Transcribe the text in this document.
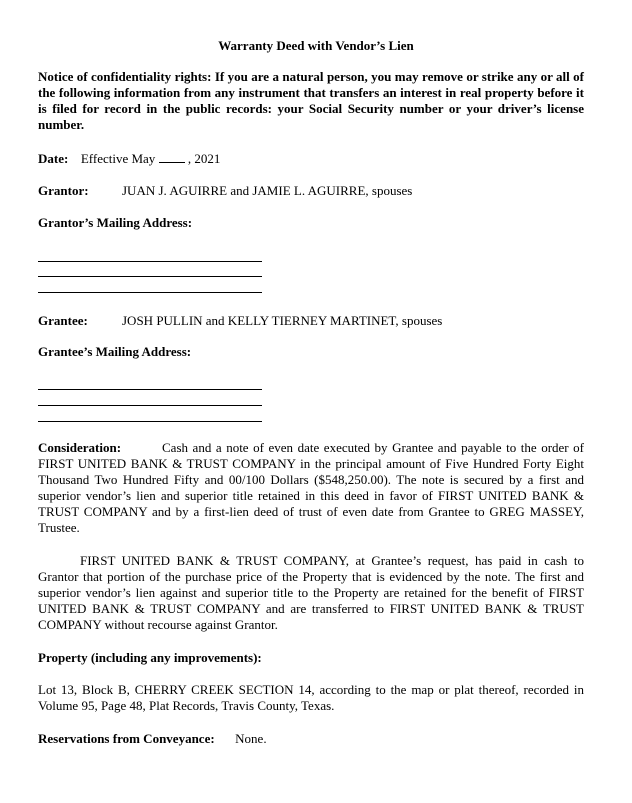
Warranty Deed with Vendor’s Lien
Notice of confidentiality rights: If you are a natural person, you may remove or strike any or all of the following information from any instrument that transfers an interest in real property before it is filed for record in the public records: your Social Security number or your driver’s license number.
Date: Effective May	, 2021
Grantor:	JUAN J. AGUIRRE and JAMIE L. AGUIRRE, spouses
Grantor’s Mailing Address:
Grantee:	JOSH PULLIN and KELLY TIERNEY MARTINET, spouses
Grantee’s Mailing Address:
Consideration:	Cash and a note of even date executed by Grantee and payable to the order of FIRST UNITED BANK & TRUST COMPANY in the principal amount of Five Hundred Forty Eight Thousand Two Hundred Fifty and 00/100 Dollars ($548,250.00). The note is secured by a first and superior vendor’s lien and superior title retained in this deed in favor of FIRST UNITED BANK & TRUST COMPANY and by a first-lien deed of trust of even date from Grantee to GREG MASSEY, Trustee.
FIRST UNITED BANK & TRUST COMPANY, at Grantee’s request, has paid in cash to Grantor that portion of the purchase price of the Property that is evidenced by the note. The first and superior vendor’s lien against and superior title to the Property are retained for the benefit of FIRST UNITED BANK & TRUST COMPANY and are transferred to FIRST UNITED BANK & TRUST COMPANY without recourse against Grantor.
Property (including any improvements):
Lot 13, Block B, CHERRY CREEK SECTION 14, according to the map or plat thereof, recorded in Volume 95, Page 48, Plat Records, Travis County, Texas.
Reservations from Conveyance: None.
